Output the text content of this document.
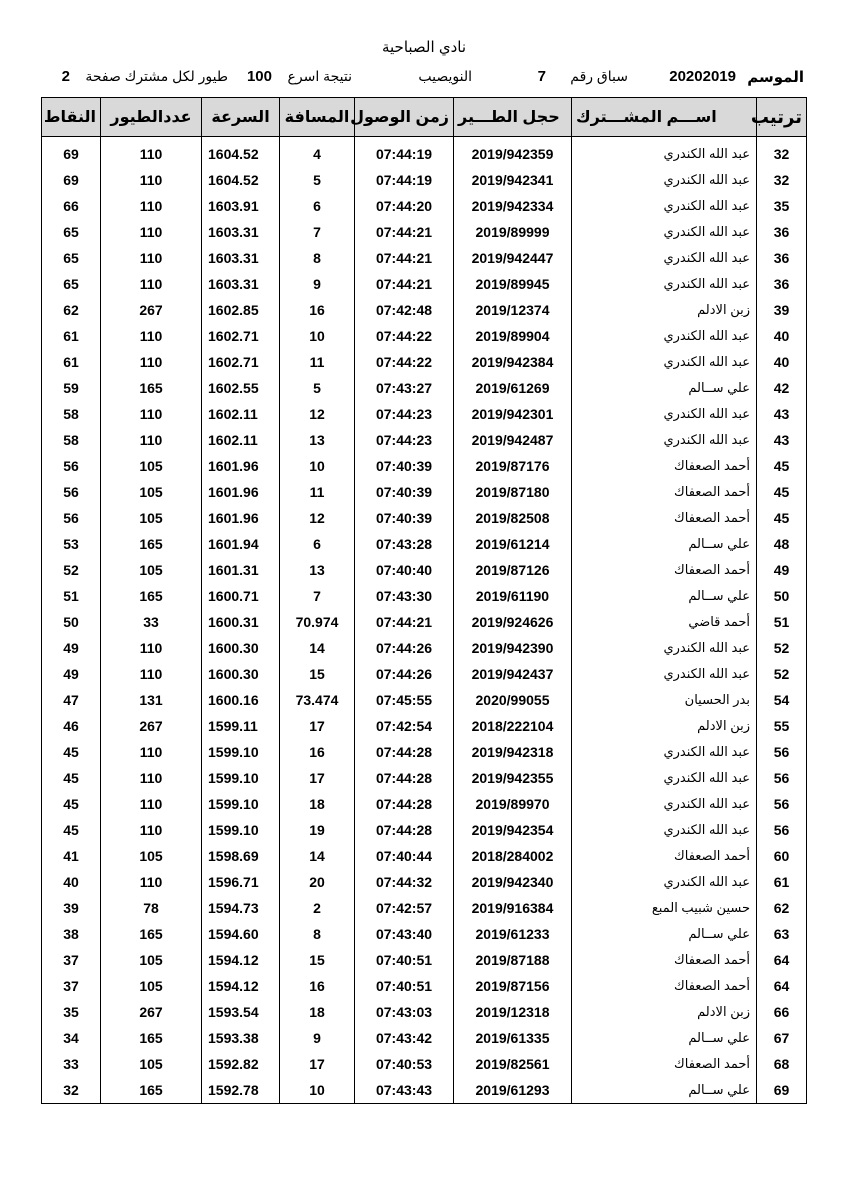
نادي الصباحية
الموسم
20202019
سباق رقم
7
النويصيب
نتيجة اسرع
100
طيور لكل مشترك صفحة
2
ترتيب	اســـم المشـــترك	حجل الطـــير	زمن الوصول	المسافة	السرعة	عددالطيور	النقاط

32	عبد الله الكندري	2019/942359	07:44:19	4	1604.52	110	69
32	عبد الله الكندري	2019/942341	07:44:19	5	1604.52	110	69
35	عبد الله الكندري	2019/942334	07:44:20	6	1603.91	110	66
36	عبد الله الكندري	2019/89999	07:44:21	7	1603.31	110	65
36	عبد الله الكندري	2019/942447	07:44:21	8	1603.31	110	65
36	عبد الله الكندري	2019/89945	07:44:21	9	1603.31	110	65
39	زبن الادلم	2019/12374	07:42:48	16	1602.85	267	62
40	عبد الله الكندري	2019/89904	07:44:22	10	1602.71	110	61
40	عبد الله الكندري	2019/942384	07:44:22	11	1602.71	110	61
42	علي ســالم	2019/61269	07:43:27	5	1602.55	165	59
43	عبد الله الكندري	2019/942301	07:44:23	12	1602.11	110	58
43	عبد الله الكندري	2019/942487	07:44:23	13	1602.11	110	58
45	أحمد الصعفاك	2019/87176	07:40:39	10	1601.96	105	56
45	أحمد الصعفاك	2019/87180	07:40:39	11	1601.96	105	56
45	أحمد الصعفاك	2019/82508	07:40:39	12	1601.96	105	56
48	علي ســالم	2019/61214	07:43:28	6	1601.94	165	53
49	أحمد الصعفاك	2019/87126	07:40:40	13	1601.31	105	52
50	علي ســالم	2019/61190	07:43:30	7	1600.71	165	51
51	أحمد قاضي	2019/924626	07:44:21	70.974	1600.31	33	50
52	عبد الله الكندري	2019/942390	07:44:26	14	1600.30	110	49
52	عبد الله الكندري	2019/942437	07:44:26	15	1600.30	110	49
54	بدر الحسيان	2020/99055	07:45:55	73.474	1600.16	131	47
55	زبن الادلم	2018/222104	07:42:54	17	1599.11	267	46
56	عبد الله الكندري	2019/942318	07:44:28	16	1599.10	110	45
56	عبد الله الكندري	2019/942355	07:44:28	17	1599.10	110	45
56	عبد الله الكندري	2019/89970	07:44:28	18	1599.10	110	45
56	عبد الله الكندري	2019/942354	07:44:28	19	1599.10	110	45
60	أحمد الصعفاك	2018/284002	07:40:44	14	1598.69	105	41
61	عبد الله الكندري	2019/942340	07:44:32	20	1596.71	110	40
62	حسين شبيب المبع	2019/916384	07:42:57	2	1594.73	78	39
63	علي ســالم	2019/61233	07:43:40	8	1594.60	165	38
64	أحمد الصعفاك	2019/87188	07:40:51	15	1594.12	105	37
64	أحمد الصعفاك	2019/87156	07:40:51	16	1594.12	105	37
66	زبن الادلم	2019/12318	07:43:03	18	1593.54	267	35
67	علي ســالم	2019/61335	07:43:42	9	1593.38	165	34
68	أحمد الصعفاك	2019/82561	07:40:53	17	1592.82	105	33
69	علي ســالم	2019/61293	07:43:43	10	1592.78	165	32
